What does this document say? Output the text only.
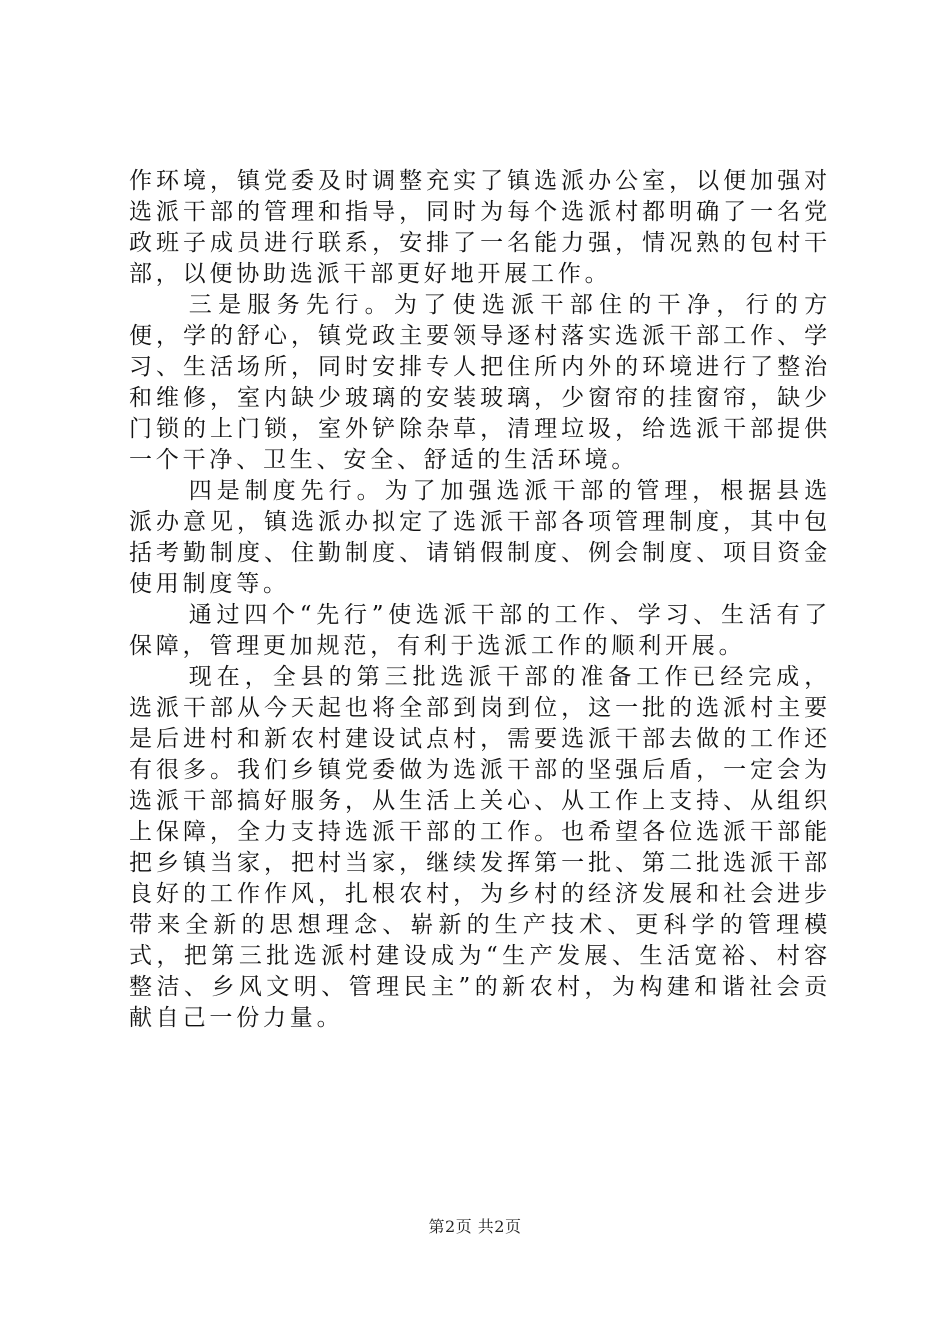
作环境，镇党委及时调整充实了镇选派办公室，以便加强对选派干部的管理和指导，同时为每个选派村都明确了一名党政班子成员进行联系，安排了一名能力强，情况熟的包村干部，以便协助选派干部更好地开展工作。

三是服务先行。为了使选派干部住的干净，行的方便，学的舒心，镇党政主要领导逐村落实选派干部工作、学习、生活场所，同时安排专人把住所内外的环境进行了整治和维修，室内缺少玻璃的安装玻璃，少窗帘的挂窗帘，缺少门锁的上门锁，室外铲除杂草，清理垃圾，给选派干部提供一个干净、卫生、安全、舒适的生活环境。

四是制度先行。为了加强选派干部的管理，根据县选派办意见，镇选派办拟定了选派干部各项管理制度，其中包括考勤制度、住勤制度、请销假制度、例会制度、项目资金使用制度等。

通过四个“先行”使选派干部的工作、学习、生活有了保障，管理更加规范，有利于选派工作的顺利开展。

现在，全县的第三批选派干部的准备工作已经完成，选派干部从今天起也将全部到岗到位，这一批的选派村主要是后进村和新农村建设试点村，需要选派干部去做的工作还有很多。我们乡镇党委做为选派干部的坚强后盾，一定会为选派干部搞好服务，从生活上关心、从工作上支持、从组织上保障，全力支持选派干部的工作。也希望各位选派干部能把乡镇当家，把村当家，继续发挥第一批、第二批选派干部良好的工作作风，扎根农村，为乡村的经济发展和社会进步带来全新的思想理念、崭新的生产技术、更科学的管理模式，把第三批选派村建设成为“生产发展、生活宽裕、村容整洁、乡风文明、管理民主”的新农村，为构建和谐社会贡献自己一份力量。

第2页 共2页
